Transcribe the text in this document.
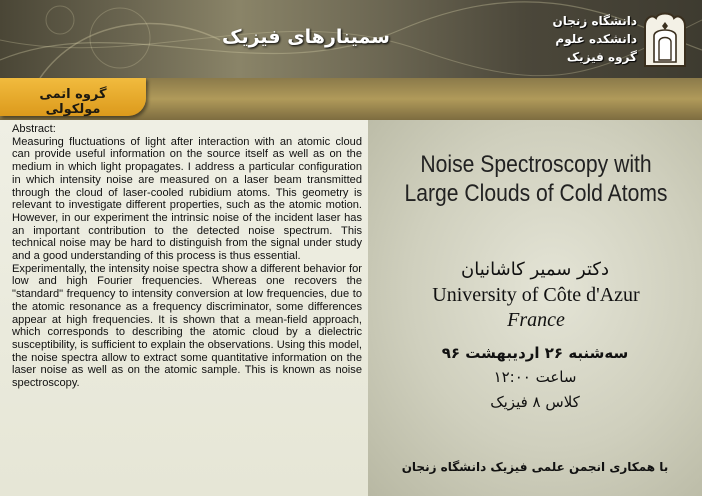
سمینارهای فیزیک
دانشگاه زنجان
دانشکده علوم
گروه فیزیک
گروه اتمی مولکولی

Abstract:

Measuring fluctuations of light after interaction with an atomic cloud can provide useful information on the source itself as well as on the medium in which light propagates. I address a particular configuration in which intensity noise are measured on a laser beam transmitted through the cloud of laser-cooled rubidium atoms. This geometry is relevant to investigate different properties, such as the atomic motion. However, in our experiment the intrinsic noise of the incident laser has an important contribution to the detected noise spectrum. This technical noise may be hard to distinguish from the signal under study and a good understanding of this process is thus essential.

Experimentally, the intensity noise spectra show a different behavior for low and high Fourier frequencies. Whereas one recovers the "standard" frequency to intensity conversion at low frequencies, due to the atomic resonance as a frequency discriminator, some differences appear at high frequencies. It is shown that a mean-field approach, which corresponds to describing the atomic cloud by a dielectric susceptibility, is sufficient to explain the observations. Using this model, the noise spectra allow to extract some quantitative information on the laser noise as well as on the atomic sample. This is known as noise spectroscopy.

Noise Spectroscopy with Large Clouds of Cold Atoms
دکتر سمیر کاشانیان
University of Côte d'Azur
France
سه‌شنبه ۲۶ اردیبهشت ۹۶
ساعت ۱۲:۰۰
کلاس ۸ فیزیک
با همکاری انجمن علمی فیزیک دانشگاه زنجان
